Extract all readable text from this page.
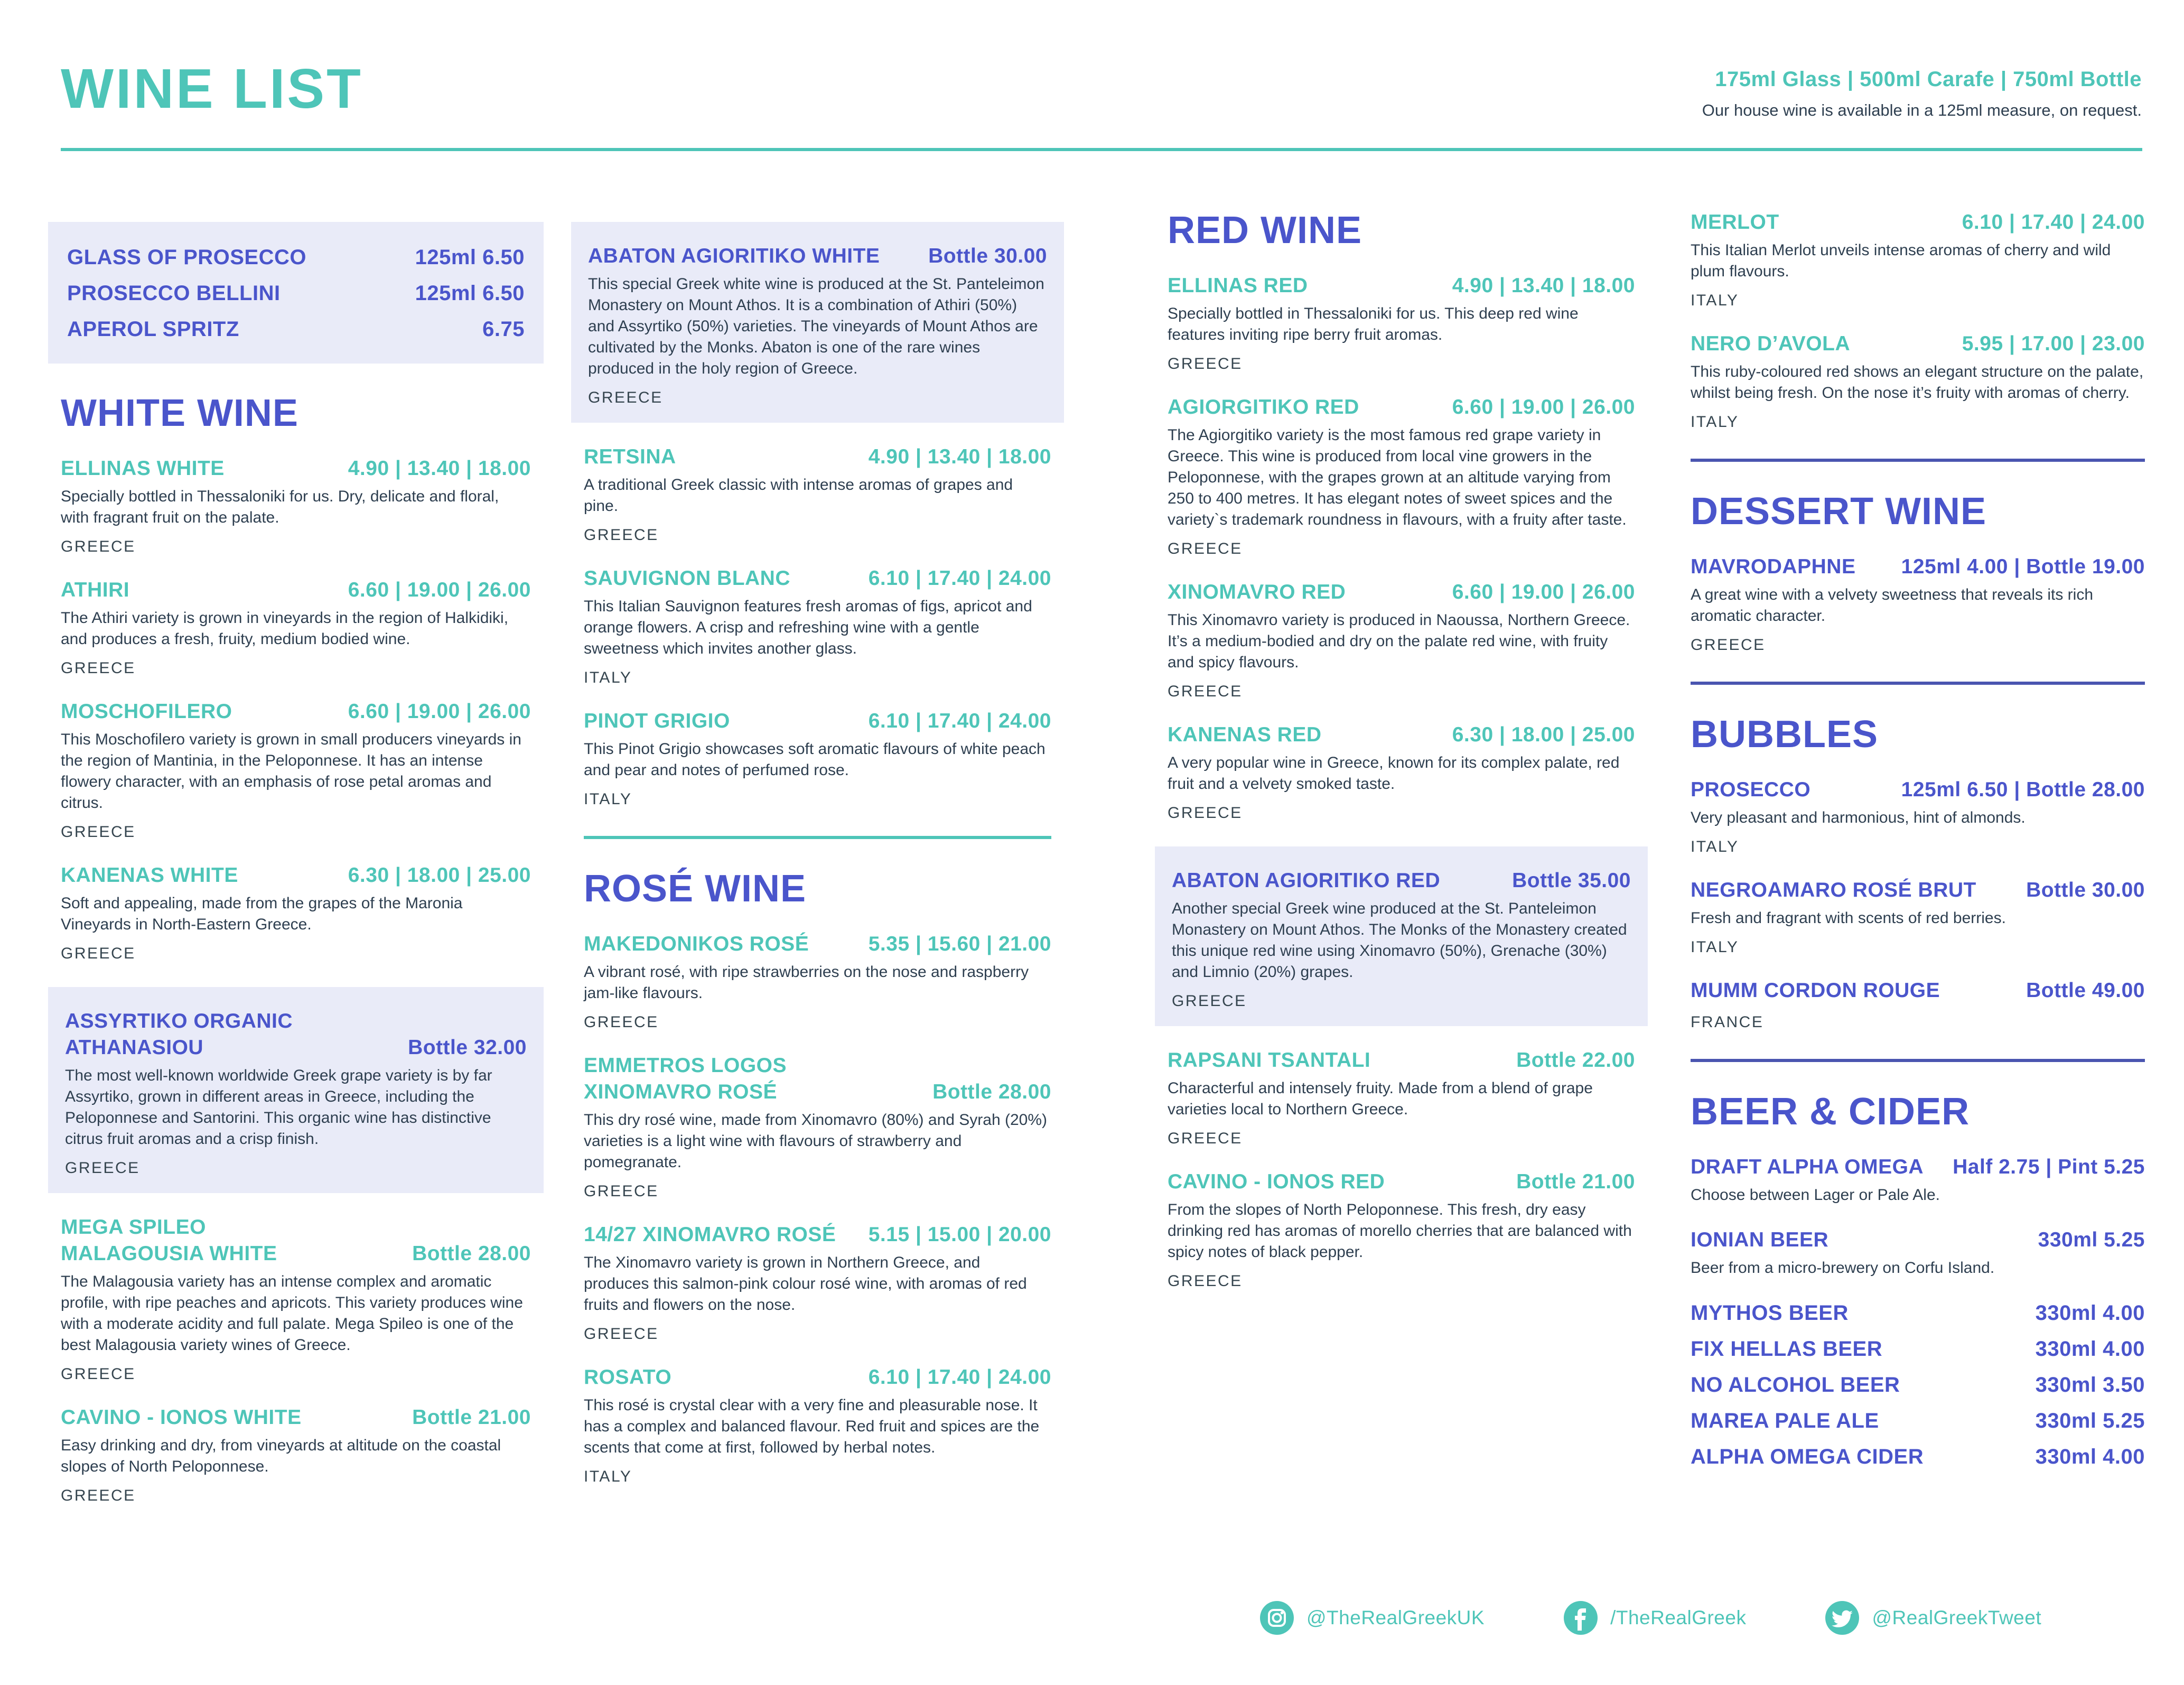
WINE LIST	175ml Glass | 500ml Carafe | 750ml Bottle
Our house wine is available in a 125ml measure, on request.
GLASS OF PROSECCO	125ml 6.50
PROSECCO BELLINI	125ml 6.50
APEROL SPRITZ	6.75
WHITE WINE
ELLINAS WHITE	4.90 | 13.40 | 18.00
Specially bottled in Thessaloniki for us. Dry, delicate and floral, with fragrant fruit on the palate.
GREECE
ATHIRI	6.60 | 19.00 | 26.00
The Athiri variety is grown in vineyards in the region of Halkidiki, and produces a fresh, fruity, medium bodied wine.
GREECE
MOSCHOFILERO	6.60 | 19.00 | 26.00
This Moschofilero variety is grown in small producers vineyards in the region of Mantinia, in the Peloponnese. It has an intense flowery character, with an emphasis of rose petal aromas and citrus.
GREECE
KANENAS WHITE	6.30 | 18.00 | 25.00
Soft and appealing, made from the grapes of the Maronia Vineyards in North-Eastern Greece.
GREECE
ASSYRTIKO ORGANIC
ATHANASIOU	Bottle 32.00
The most well-known worldwide Greek grape variety is by far Assyrtiko, grown in different areas in Greece, including the Peloponnese and Santorini. This organic wine has distinctive citrus fruit aromas and a crisp finish.
GREECE
MEGA SPILEO
MALAGOUSIA WHITE	Bottle 28.00
The Malagousia variety has an intense complex and aromatic profile, with ripe peaches and apricots. This variety produces wine with a moderate acidity and full palate. Mega Spileo is one of the best Malagousia variety wines of Greece.
GREECE
CAVINO - IONOS WHITE	Bottle 21.00
Easy drinking and dry, from vineyards at altitude on the coastal slopes of North Peloponnese.
GREECE
ABATON AGIORITIKO WHITE Bottle 30.00
This special Greek white wine is produced at the St. Panteleimon Monastery on Mount Athos. It is a combination of Athiri (50%) and Assyrtiko (50%) varieties. The vineyards of Mount Athos are cultivated by the Monks. Abaton is one of the rare wines produced in the holy region of Greece.
GREECE
RETSINA	4.90 | 13.40 | 18.00
A traditional Greek classic with intense aromas of grapes and pine.
GREECE
SAUVIGNON BLANC	6.10 | 17.40 | 24.00
This Italian Sauvignon features fresh aromas of figs, apricot and orange flowers. A crisp and refreshing wine with a gentle sweetness which invites another glass.
ITALY
PINOT GRIGIO	6.10 | 17.40 | 24.00
This Pinot Grigio showcases soft aromatic flavours of white peach and pear and notes of perfumed rose.
ITALY
ROSÉ WINE
MAKEDONIKOS ROSÉ	5.35 | 15.60 | 21.00
A vibrant rosé, with ripe strawberries on the nose and raspberry jam-like flavours.
GREECE
EMMETROS LOGOS
XINOMAVRO ROSÉ	Bottle 28.00
This dry rosé wine, made from Xinomavro (80%) and Syrah (20%) varieties is a light wine with flavours of strawberry and pomegranate.
GREECE
14/27 XINOMAVRO ROSÉ 5.15 | 15.00 | 20.00
The Xinomavro variety is grown in Northern Greece, and produces this salmon-pink colour rosé wine, with aromas of red fruits and flowers on the nose.
GREECE
ROSATO	6.10 | 17.40 | 24.00
This rosé is crystal clear with a very fine and pleasurable nose. It has a complex and balanced flavour. Red fruit and spices are the scents that come at first, followed by herbal notes.
ITALY
RED WINE
ELLINAS RED	4.90 | 13.40 | 18.00
Specially bottled in Thessaloniki for us. This deep red wine features inviting ripe berry fruit aromas.
GREECE
AGIORGITIKO RED	6.60 | 19.00 | 26.00
The Agiorgitiko variety is the most famous red grape variety in Greece. This wine is produced from local vine growers in the Peloponnese, with the grapes grown at an altitude varying from 250 to 400 metres. It has elegant notes of sweet spices and the variety`s trademark roundness in flavours, with a fruity after taste.
GREECE
XINOMAVRO RED	6.60 | 19.00 | 26.00
This Xinomavro variety is produced in Naoussa, Northern Greece. It’s a medium-bodied and dry on the palate red wine, with fruity and spicy flavours.
GREECE
KANENAS RED	6.30 | 18.00 | 25.00
A very popular wine in Greece, known for its complex palate, red fruit and a velvety smoked taste.
GREECE
ABATON AGIORITIKO RED	Bottle 35.00
Another special Greek wine produced at the St. Panteleimon Monastery on Mount Athos. The Monks of the Monastery created this unique red wine using Xinomavro (50%), Grenache (30%) and Limnio (20%) grapes.
GREECE
RAPSANI TSANTALI	Bottle 22.00
Characterful and intensely fruity. Made from a blend of grape varieties local to Northern Greece.
GREECE
CAVINO - IONOS RED	Bottle 21.00
From the slopes of North Peloponnese. This fresh, dry easy drinking red has aromas of morello cherries that are balanced with spicy notes of black pepper.
GREECE
MERLOT	6.10 | 17.40 | 24.00
This Italian Merlot unveils intense aromas of cherry and wild plum flavours.
ITALY
NERO D’AVOLA	5.95 | 17.00 | 23.00
This ruby-coloured red shows an elegant structure on the palate, whilst being fresh. On the nose it’s fruity with aromas of cherry.
ITALY
DESSERT WINE
MAVRODAPHNE 125ml 4.00 | Bottle 19.00
A great wine with a velvety sweetness that reveals its rich aromatic character.
GREECE
BUBBLES
PROSECCO	125ml 6.50 | Bottle 28.00
Very pleasant and harmonious, hint of almonds.
ITALY
NEGROAMARO ROSÉ BRUT Bottle 30.00
Fresh and fragrant with scents of red berries.
ITALY
MUMM CORDON ROUGE	Bottle 49.00
FRANCE
BEER & CIDER
DRAFT ALPHA OMEGA Half 2.75 | Pint 5.25
Choose between Lager or Pale Ale.
IONIAN BEER	330ml 5.25
Beer from a micro-brewery on Corfu Island.
MYTHOS BEER	330ml 4.00
FIX HELLAS BEER	330ml 4.00
NO ALCOHOL BEER	330ml 3.50
MAREA PALE ALE	330ml 5.25
ALPHA OMEGA CIDER	330ml 4.00
@TheRealGreekUK	/TheRealGreek	@RealGreekTweet
